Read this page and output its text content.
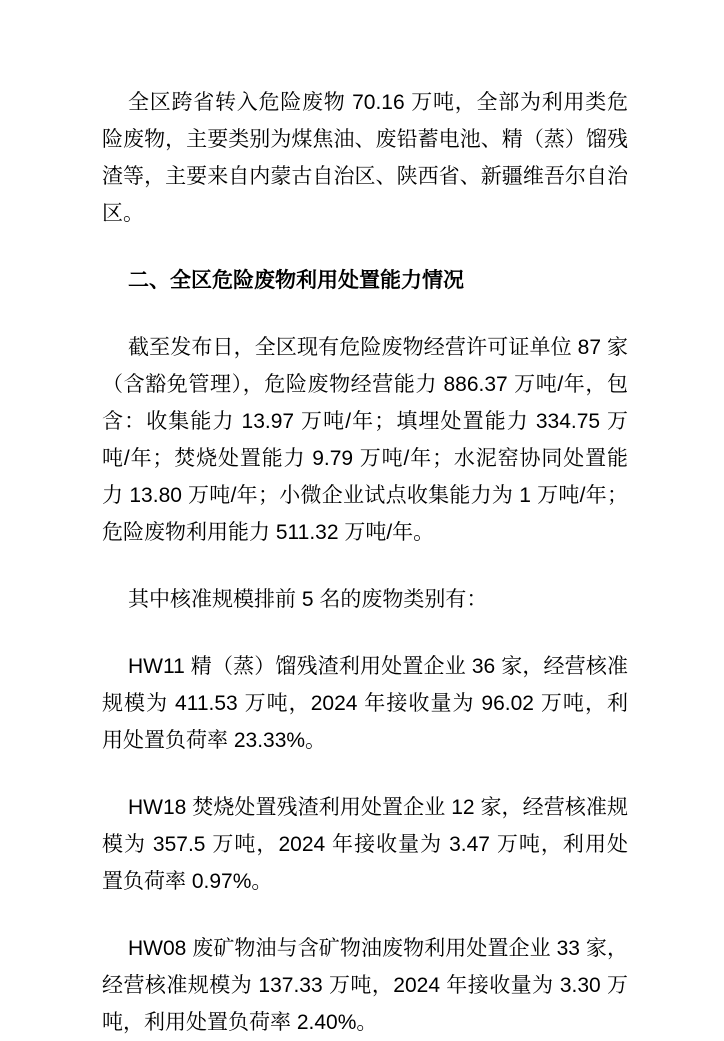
全区跨省转入危险废物 70.16 万吨，全部为利用类危险废物，主要类别为煤焦油、废铅蓄电池、精（蒸）馏残渣等，主要来自内蒙古自治区、陕西省、新疆维吾尔自治区。

二、全区危险废物利用处置能力情况

截至发布日，全区现有危险废物经营许可证单位 87 家（含豁免管理），危险废物经营能力 886.37 万吨/年，包含：收集能力 13.97 万吨/年；填埋处置能力 334.75 万吨/年；焚烧处置能力 9.79 万吨/年；水泥窑协同处置能力 13.80 万吨/年；小微企业试点收集能力为 1 万吨/年；危险废物利用能力 511.32 万吨/年。

其中核准规模排前 5 名的废物类别有：

HW11 精（蒸）馏残渣利用处置企业 36 家，经营核准规模为 411.53 万吨，2024 年接收量为 96.02 万吨，利用处置负荷率 23.33%。

HW18 焚烧处置残渣利用处置企业 12 家，经营核准规模为 357.5 万吨，2024 年接收量为 3.47 万吨，利用处置负荷率 0.97%。

HW08 废矿物油与含矿物油废物利用处置企业 33 家，经营核准规模为 137.33 万吨，2024 年接收量为 3.30 万吨，利用处置负荷率 2.40%。
